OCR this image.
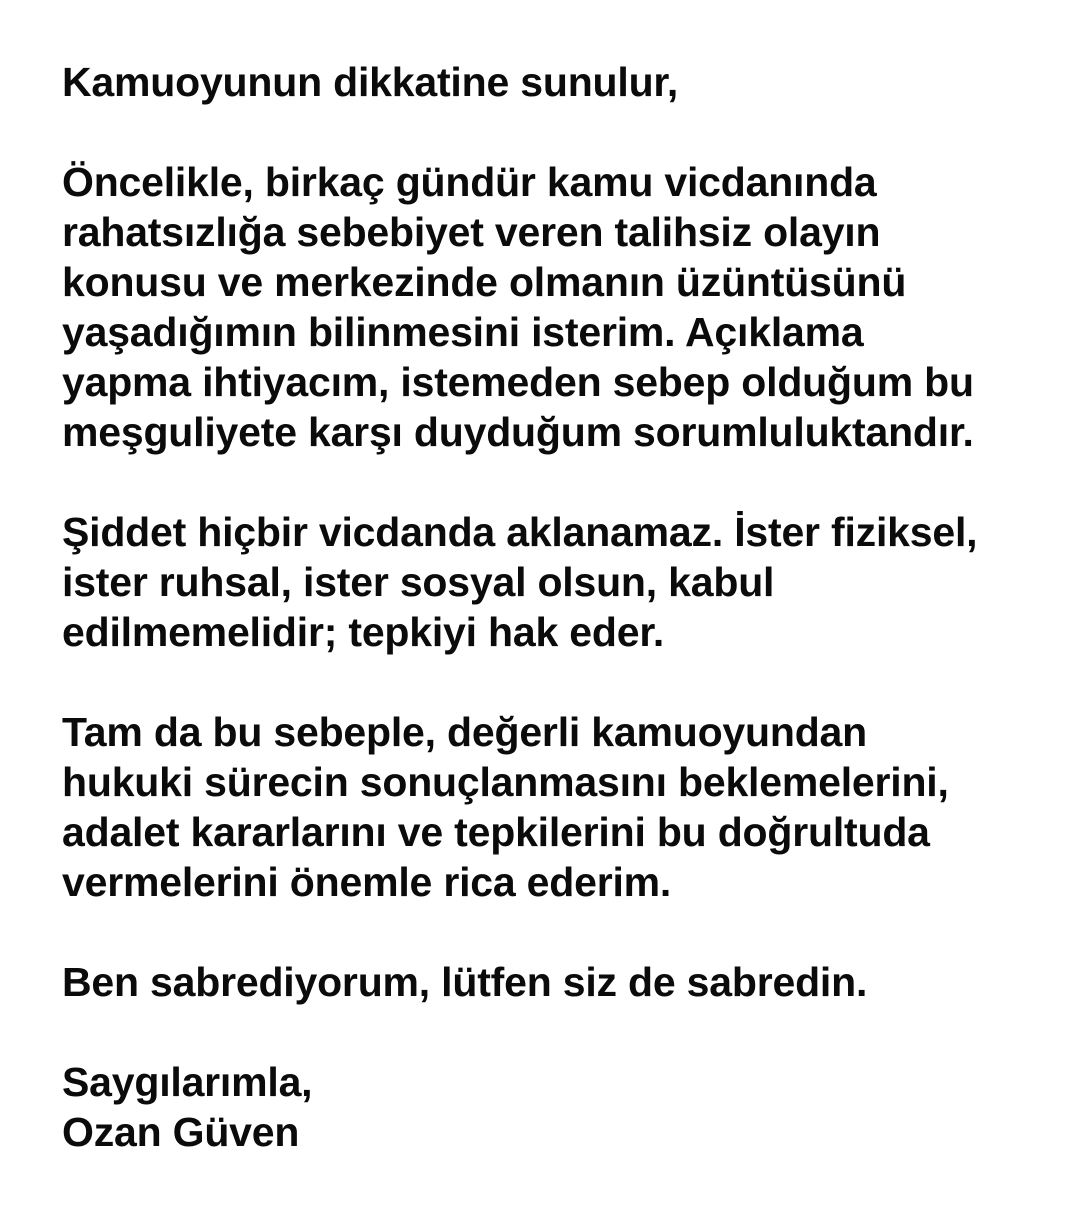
Kamuoyunun dikkatine sunulur,
Öncelikle, birkaç gündür kamu vicdanında
rahatsızlığa sebebiyet veren talihsiz olayın
konusu ve merkezinde olmanın üzüntüsünü
yaşadığımın bilinmesini isterim. Açıklama
yapma ihtiyacım, istemeden sebep olduğum bu
meşguliyete karşı duyduğum sorumluluktandır.
Şiddet hiçbir vicdanda aklanamaz. İster fiziksel,
ister ruhsal, ister sosyal olsun, kabul
edilmemelidir; tepkiyi hak eder.
Tam da bu sebeple, değerli kamuoyundan
hukuki sürecin sonuçlanmasını beklemelerini,
adalet kararlarını ve tepkilerini bu doğrultuda
vermelerini önemle rica ederim.
Ben sabrediyorum, lütfen siz de sabredin.
Saygılarımla,
Ozan Güven
